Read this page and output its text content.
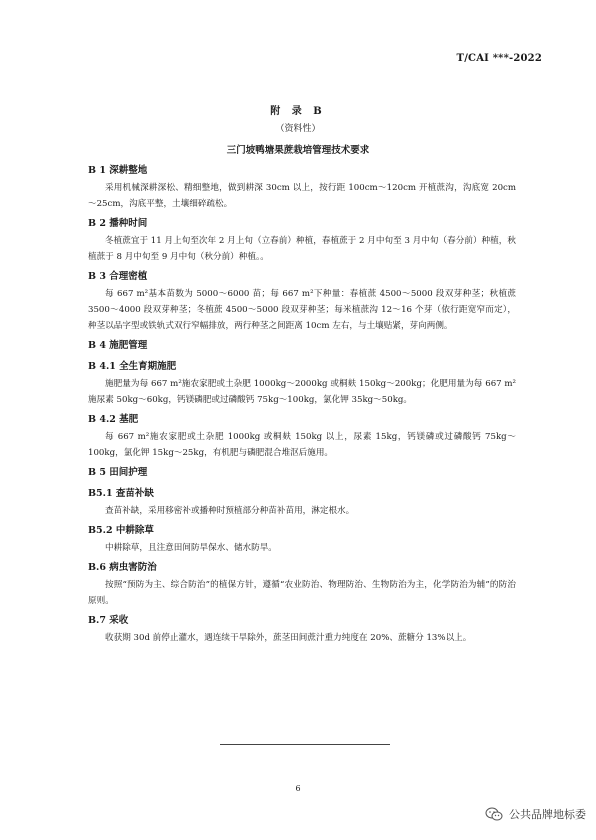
T/CAI ***-2022
附 录 B
（资料性）
三门坡鸭塘果蔗栽培管理技术要求
B 1 深耕整地
采用机械深耕深松、精细整地，做到耕深 30cm 以上，按行距 100cm～120cm 开植蔗沟，沟底宽 20cm～25cm，沟底平整，土壤细碎疏松。
B 2 播种时间
冬植蔗宜于 11 月上旬至次年 2 月上旬（立春前）种植，春植蔗于 2 月中旬至 3 月中旬（春分前）种植，秋植蔗于 8 月中旬至 9 月中旬（秋分前）种植。。
B 3 合理密植
每 667 m²基本苗数为 5000～6000 苗；每 667 m²下种量：春植蔗 4500～5000 段双芽种茎；秋植蔗 3500～4000 段双芽种茎；冬植蔗 4500～5000 段双芽种茎；每米植蔗沟 12～16 个芽（依行距宽窄而定），种茎以品字型或铁轨式双行窄幅排放，两行种茎之间距离 10cm 左右，与土壤贴紧，芽向两侧。
B 4 施肥管理
B 4.1 全生育期施肥
施肥量为每 667 m²施农家肥或土杂肥 1000kg～2000kg 或桐麸 150kg～200kg；化肥用量为每 667 m²施尿素 50kg～60kg，钙镁磷肥或过磷酸钙 75kg～100kg，氯化钾 35kg～50kg。
B 4.2 基肥
每 667 m²施农家肥或土杂肥 1000kg 或桐麸 150kg 以上，尿素 15kg，钙镁磷或过磷酸钙 75kg～100kg，氯化钾 15kg～25kg，有机肥与磷肥混合堆沤后施用。
B 5 田间护理
B5.1 查苗补缺
查苗补缺，采用移密补或播种时预植部分种苗补苗用，淋定根水。
B5.2 中耕除草
中耕除草，且注意田间防旱保水、储水防旱。
B.6 病虫害防治
按照“预防为主、综合防治”的植保方针，遵循“农业防治、物理防治、生物防治为主，化学防治为辅”的防治原则。
B.7 采收
收获期 30d 前停止灌水，遇连续干旱除外，蔗茎田间蔗汁重力纯度在 20%、蔗糖分 13%以上。
6
公共品牌地标委
